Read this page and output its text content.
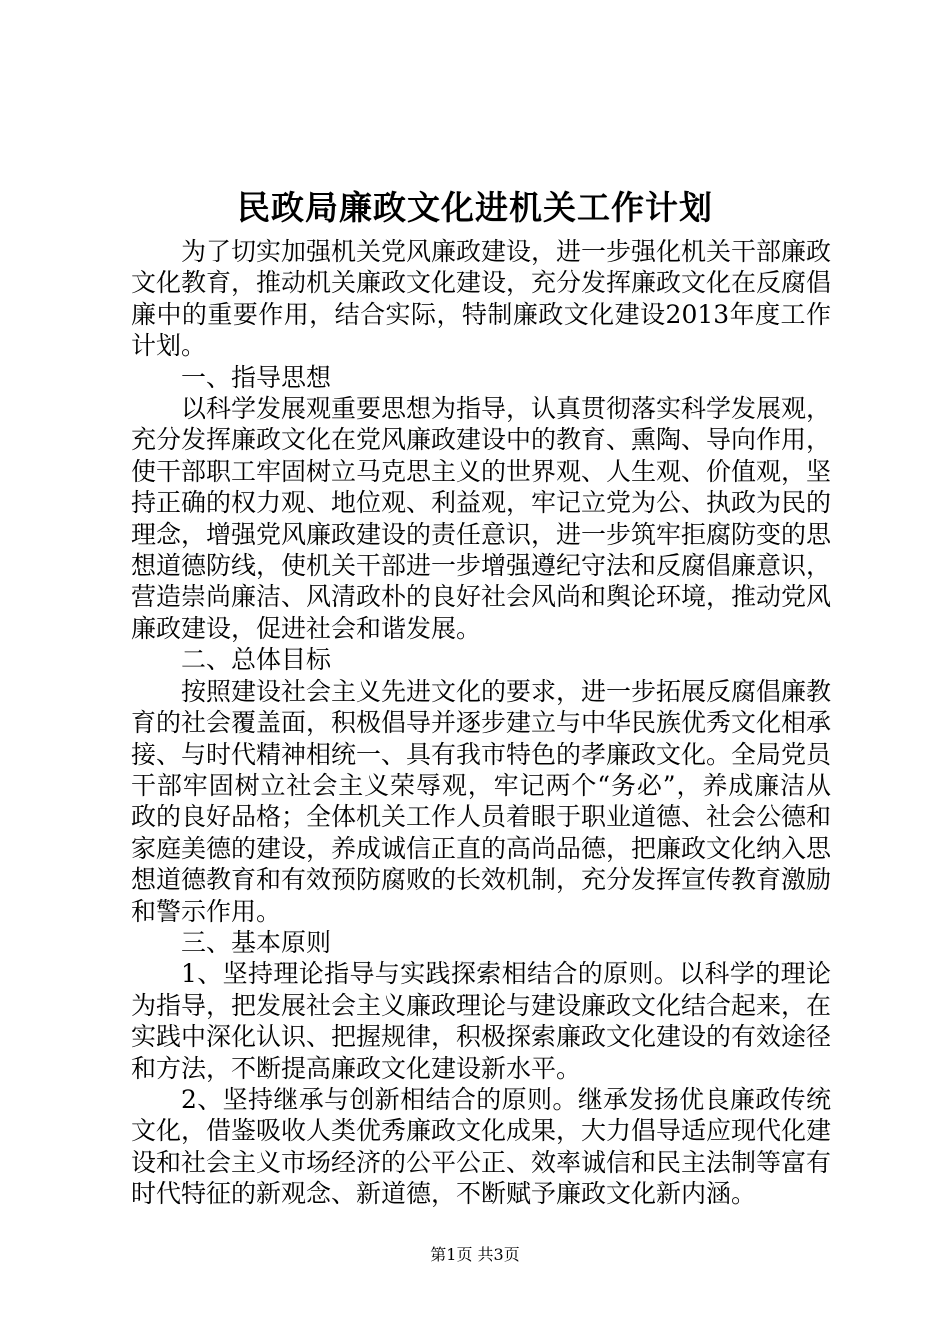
民政局廉政文化进机关工作计划

为了切实加强机关党风廉政建设，进一步强化机关干部廉政文化教育，推动机关廉政文化建设，充分发挥廉政文化在反腐倡廉中的重要作用，结合实际，特制廉政文化建设2013年度工作计划。

一、指导思想

以科学发展观重要思想为指导，认真贯彻落实科学发展观，充分发挥廉政文化在党风廉政建设中的教育、熏陶、导向作用，使干部职工牢固树立马克思主义的世界观、人生观、价值观，坚持正确的权力观、地位观、利益观，牢记立党为公、执政为民的理念，增强党风廉政建设的责任意识，进一步筑牢拒腐防变的思想道德防线，使机关干部进一步增强遵纪守法和反腐倡廉意识，营造崇尚廉洁、风清政朴的良好社会风尚和舆论环境，推动党风廉政建设，促进社会和谐发展。

二、总体目标

按照建设社会主义先进文化的要求，进一步拓展反腐倡廉教育的社会覆盖面，积极倡导并逐步建立与中华民族优秀文化相承接、与时代精神相统一、具有我市特色的孝廉政文化。全局党员干部牢固树立社会主义荣辱观，牢记两个“务必”，养成廉洁从政的良好品格；全体机关工作人员着眼于职业道德、社会公德和家庭美德的建设，养成诚信正直的高尚品德，把廉政文化纳入思想道德教育和有效预防腐败的长效机制，充分发挥宣传教育激励和警示作用。

三、基本原则

1、坚持理论指导与实践探索相结合的原则。以科学的理论为指导，把发展社会主义廉政理论与建设廉政文化结合起来，在实践中深化认识、把握规律，积极探索廉政文化建设的有效途径和方法，不断提高廉政文化建设新水平。

2、坚持继承与创新相结合的原则。继承发扬优良廉政传统文化，借鉴吸收人类优秀廉政文化成果，大力倡导适应现代化建设和社会主义市场经济的公平公正、效率诚信和民主法制等富有时代特征的新观念、新道德，不断赋予廉政文化新内涵。

第1页 共3页
